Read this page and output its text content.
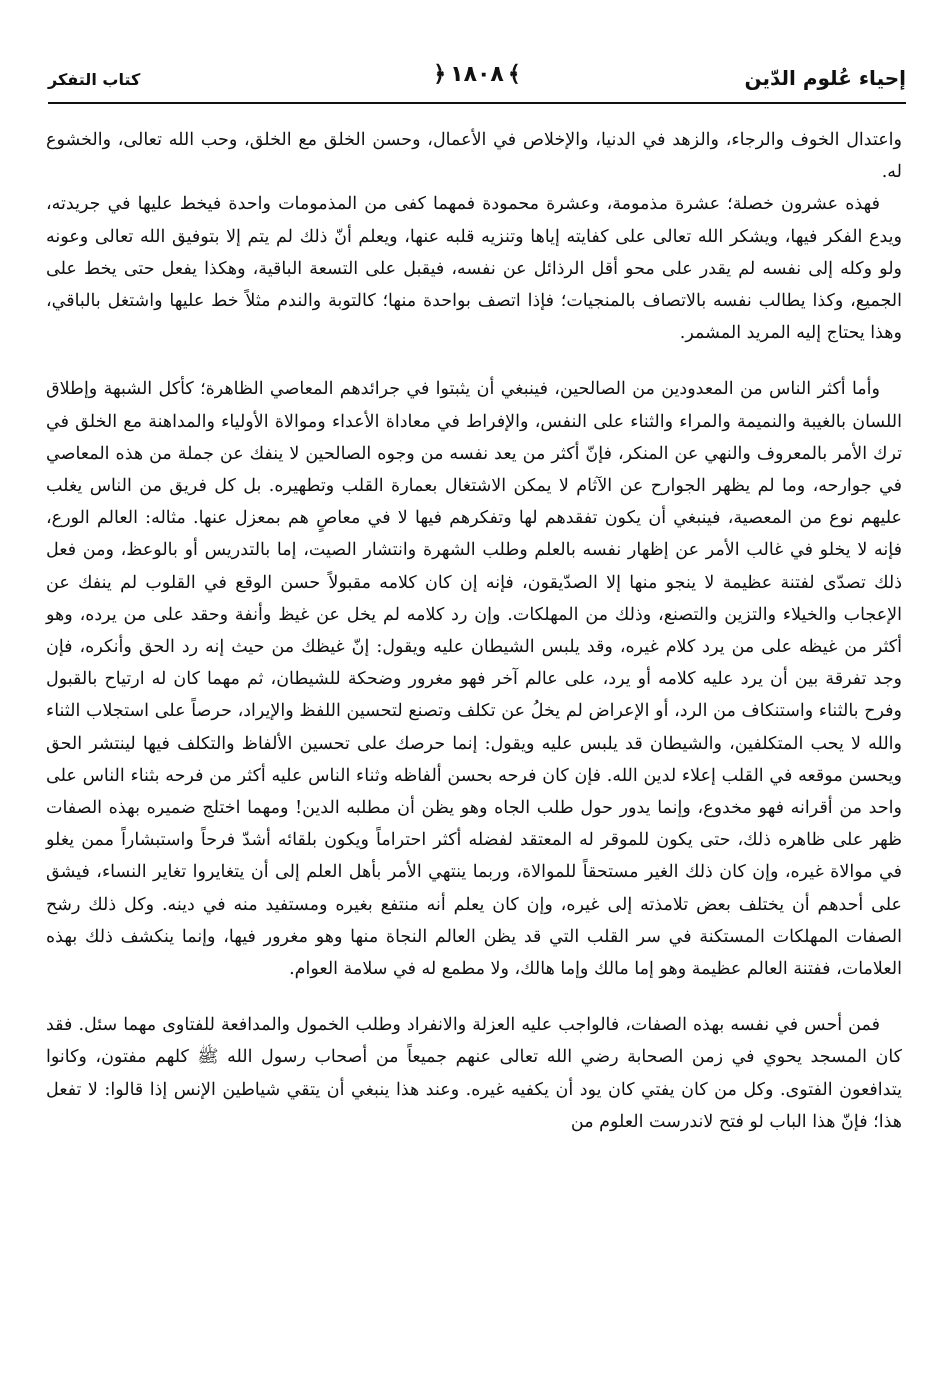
إحياء عُلوم الدّين
﴾١٨٠٨﴿
كتاب التفكر

واعتدال الخوف والرجاء، والزهد في الدنيا، والإخلاص في الأعمال، وحسن الخلق مع الخلق، وحب الله تعالى، والخشوع له.

فهذه عشرون خصلة؛ عشرة مذمومة، وعشرة محمودة فمهما كفى من المذمومات واحدة فيخط عليها في جريدته، ويدع الفكر فيها، ويشكر الله تعالى على كفايته إياها وتنزيه قلبه عنها، ويعلم أنّ ذلك لم يتم إلا بتوفيق الله تعالى وعونه ولو وكله إلى نفسه لم يقدر على محو أقل الرذائل عن نفسه، فيقبل على التسعة الباقية، وهكذا يفعل حتى يخط على الجميع، وكذا يطالب نفسه بالاتصاف بالمنجيات؛ فإذا اتصف بواحدة منها؛ كالتوبة والندم مثلاً خط عليها واشتغل بالباقي، وهذا يحتاج إليه المريد المشمر.

وأما أكثر الناس من المعدودين من الصالحين، فينبغي أن يثبتوا في جرائدهم المعاصي الظاهرة؛ كأكل الشبهة وإطلاق اللسان بالغيبة والنميمة والمراء والثناء على النفس، والإفراط في معاداة الأعداء وموالاة الأولياء والمداهنة مع الخلق في ترك الأمر بالمعروف والنهي عن المنكر، فإنّ أكثر من يعد نفسه من وجوه الصالحين لا ينفك عن جملة من هذه المعاصي في جوارحه، وما لم يظهر الجوارح عن الآثام لا يمكن الاشتغال بعمارة القلب وتطهيره. بل كل فريق من الناس يغلب عليهم نوع من المعصية، فينبغي أن يكون تفقدهم لها وتفكرهم فيها لا في معاصٍ هم بمعزل عنها. مثاله: العالم الورع، فإنه لا يخلو في غالب الأمر عن إظهار نفسه بالعلم وطلب الشهرة وانتشار الصيت، إما بالتدريس أو بالوعظ، ومن فعل ذلك تصدّى لفتنة عظيمة لا ينجو منها إلا الصدّيقون، فإنه إن كان كلامه مقبولاً حسن الوقع في القلوب لم ينفك عن الإعجاب والخيلاء والتزين والتصنع، وذلك من المهلكات. وإن رد كلامه لم يخل عن غيظ وأنفة وحقد على من يرده، وهو أكثر من غيظه على من يرد كلام غيره، وقد يلبس الشيطان عليه ويقول: إنّ غيظك من حيث إنه رد الحق وأنكره، فإن وجد تفرقة بين أن يرد عليه كلامه أو يرد، على عالم آخر فهو مغرور وضحكة للشيطان، ثم مهما كان له ارتياح بالقبول وفرح بالثناء واستنكاف من الرد، أو الإعراض لم يخلُ عن تكلف وتصنع لتحسين اللفظ والإيراد، حرصاً على استجلاب الثناء والله لا يحب المتكلفين، والشيطان قد يلبس عليه ويقول: إنما حرصك على تحسين الألفاظ والتكلف فيها لينتشر الحق ويحسن موقعه في القلب إعلاء لدين الله. فإن كان فرحه بحسن ألفاظه وثناء الناس عليه أكثر من فرحه بثناء الناس على واحد من أقرانه فهو مخدوع، وإنما يدور حول طلب الجاه وهو يظن أن مطلبه الدين! ومهما اختلج ضميره بهذه الصفات ظهر على ظاهره ذلك، حتى يكون للموقر له المعتقد لفضله أكثر احتراماً ويكون بلقائه أشدّ فرحاً واستبشاراً ممن يغلو في موالاة غيره، وإن كان ذلك الغير مستحقاً للموالاة، وربما ينتهي الأمر بأهل العلم إلى أن يتغايروا تغاير النساء، فيشق على أحدهم أن يختلف بعض تلامذته إلى غيره، وإن كان يعلم أنه منتفع بغيره ومستفيد منه في دينه. وكل ذلك رشح الصفات المهلكات المستكنة في سر القلب التي قد يظن العالم النجاة منها وهو مغرور فيها، وإنما ينكشف ذلك بهذه العلامات، ففتنة العالم عظيمة وهو إما مالك وإما هالك، ولا مطمع له في سلامة العوام.

فمن أحس في نفسه بهذه الصفات، فالواجب عليه العزلة والانفراد وطلب الخمول والمدافعة للفتاوى مهما سئل. فقد كان المسجد يحوي في زمن الصحابة رضي الله تعالى عنهم جميعاً من أصحاب رسول الله ﷺ كلهم مفتون، وكانوا يتدافعون الفتوى. وكل من كان يفتي كان يود أن يكفيه غيره. وعند هذا ينبغي أن يتقي شياطين الإنس إذا قالوا: لا تفعل هذا؛ فإنّ هذا الباب لو فتح لاندرست العلوم من
